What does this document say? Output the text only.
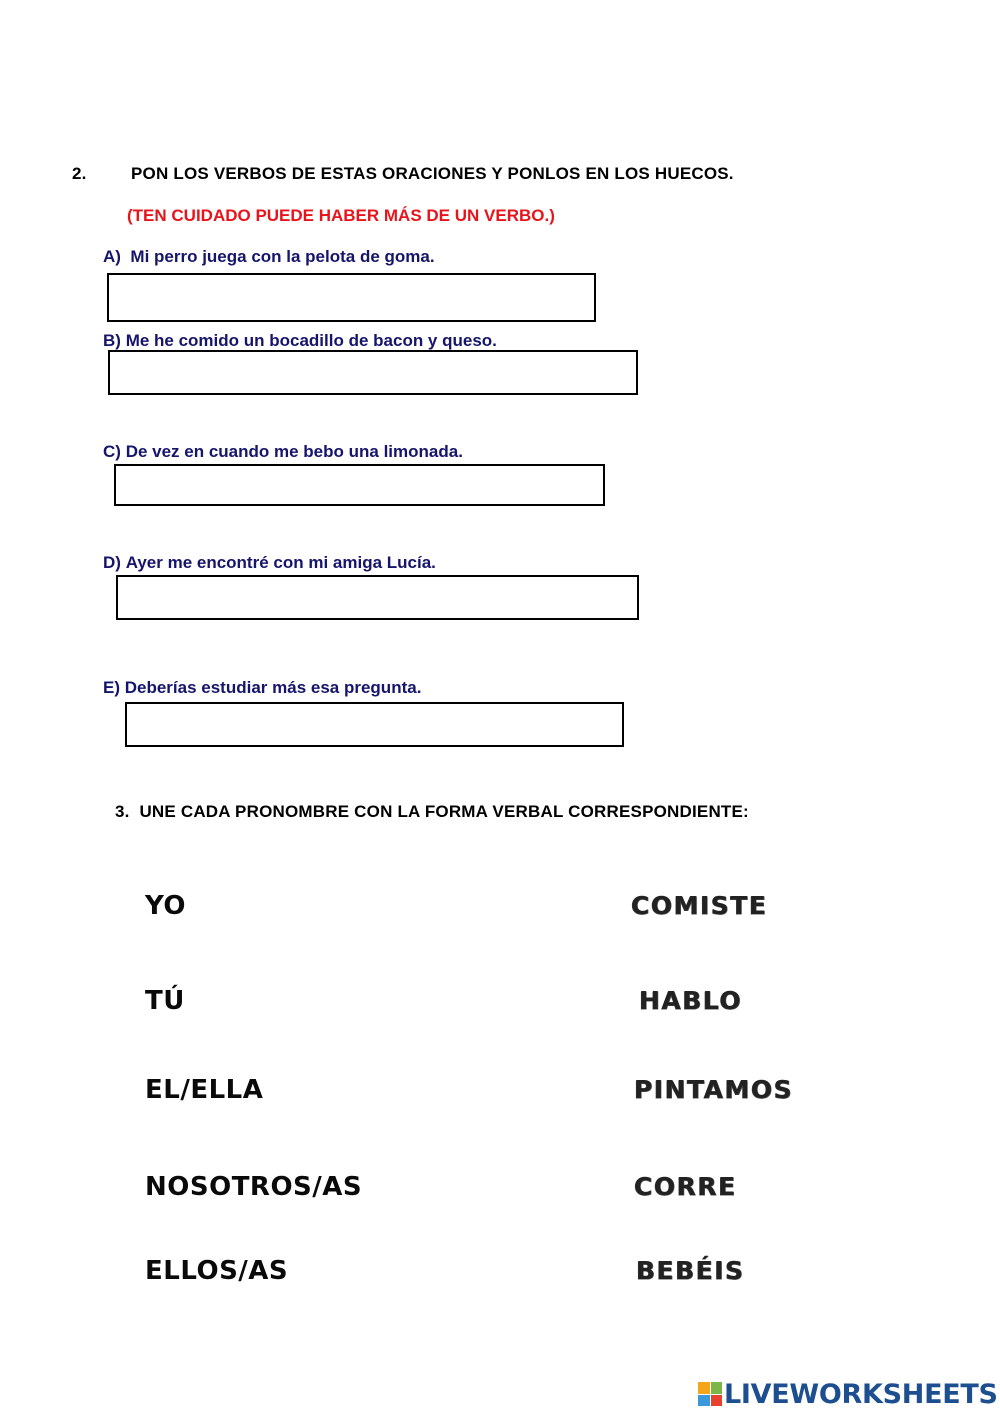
2.	PON LOS VERBOS DE ESTAS ORACIONES Y PONLOS EN LOS HUECOS.
(TEN CUIDADO PUEDE HABER MÁS DE UN VERBO.)
A) Mi perro juega con la pelota de goma.
B) Me he comido un bocadillo de bacon y queso.
C) De vez en cuando me bebo una limonada.
D) Ayer me encontré con mi amiga Lucía.
E) Deberías estudiar más esa pregunta.
3. UNE CADA PRONOMBRE CON LA FORMA VERBAL CORRESPONDIENTE:
YO
TÚ
EL/ELLA
NOSOTROS/AS
ELLOS/AS
COMISTE
HABLO
PINTAMOS
CORRE
BEBÉIS
LIVEWORKSHEETS
